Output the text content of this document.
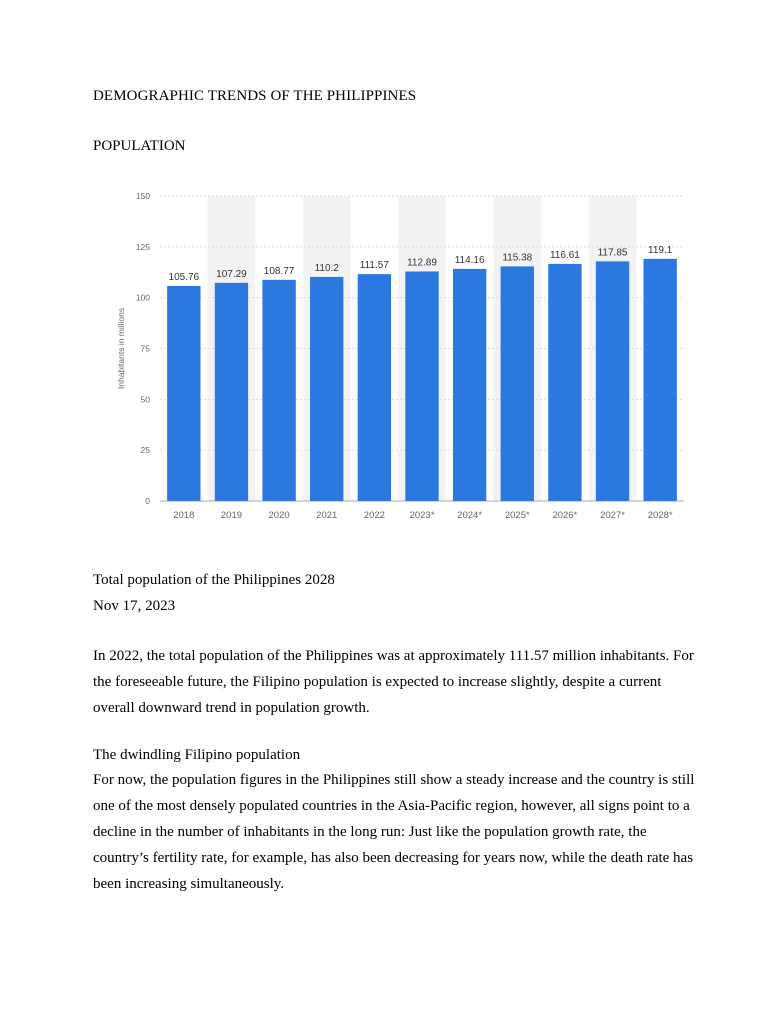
DEMOGRAPHIC TRENDS OF THE PHILIPPINES
POPULATION
0
25
50
75
100
125
150
Inhabitants in millions
105.76
2018
107.29
2019
108.77
2020
110.2
2021
111.57
2022
112.89
2023*
114.16
2024*
115.38
2025*
116.61
2026*
117.85
2027*
119.1
2028*
Total population of the Philippines 2028
Nov 17, 2023

In 2022, the total population of the Philippines was at approximately 111.57 million inhabitants. For the foreseeable future, the Filipino population is expected to increase slightly, despite a current overall downward trend in population growth.

The dwindling Filipino population

For now, the population figures in the Philippines still show a steady increase and the country is still one of the most densely populated countries in the Asia-Pacific region, however, all signs point to a decline in the number of inhabitants in the long run: Just like the population growth rate, the country’s fertility rate, for example, has also been decreasing for years now, while the death rate has been increasing simultaneously.
